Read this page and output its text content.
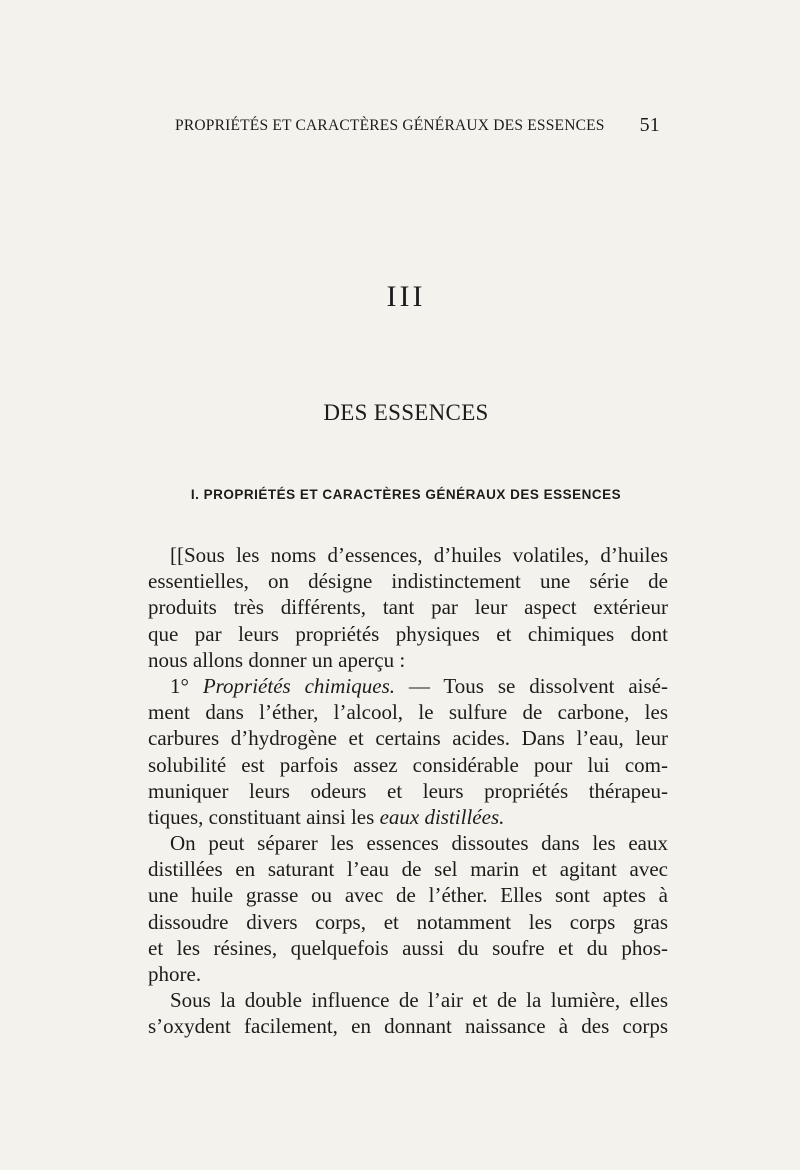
PROPRIÉTÉS ET CARACTÈRES GÉNÉRAUX DES ESSENCES 51
III
DES ESSENCES
I. PROPRIÉTÉS ET CARACTÈRES GÉNÉRAUX DES ESSENCES
[[Sous les noms d’essences, d’huiles volatiles, d’huiles
essentielles, on désigne indistinctement une série de
produits très différents, tant par leur aspect extérieur
que par leurs propriétés physiques et chimiques dont
nous allons donner un aperçu :
1° Propriétés chimiques. — Tous se dissolvent aisé-
ment dans l’éther, l’alcool, le sulfure de carbone, les
carbures d’hydrogène et certains acides. Dans l’eau, leur
solubilité est parfois assez considérable pour lui com-
muniquer leurs odeurs et leurs propriétés thérapeu-
tiques, constituant ainsi les eaux distillées.
On peut séparer les essences dissoutes dans les eaux
distillées en saturant l’eau de sel marin et agitant avec
une huile grasse ou avec de l’éther. Elles sont aptes à
dissoudre divers corps, et notamment les corps gras
et les résines, quelquefois aussi du soufre et du phos-
phore.
Sous la double influence de l’air et de la lumière, elles
s’oxydent facilement, en donnant naissance à des corps
